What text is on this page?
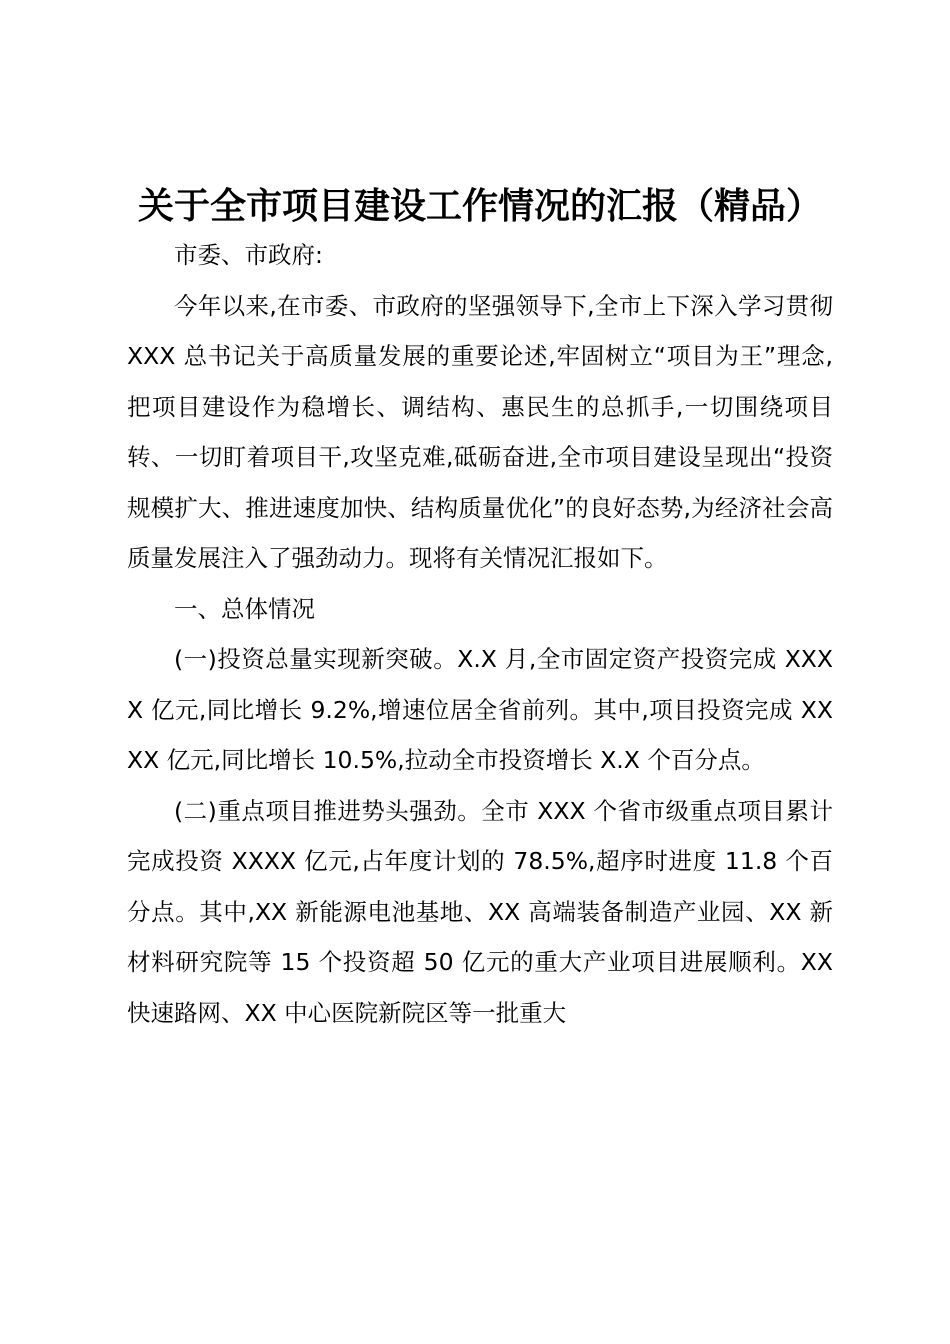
关于全市项目建设工作情况的汇报（精品）

市委、市政府:

今年以来,在市委、市政府的坚强领导下,全市上下深入学习贯彻 XXX 总书记关于高质量发展的重要论述,牢固树立“项目为王”理念,把项目建设作为稳增长、调结构、惠民生的总抓手,一切围绕项目转、一切盯着项目干,攻坚克难,砥砺奋进,全市项目建设呈现出“投资规模扩大、推进速度加快、结构质量优化”的良好态势,为经济社会高质量发展注入了强劲动力。现将有关情况汇报如下。

一、总体情况

(一)投资总量实现新突破。X.X 月,全市固定资产投资完成 XXXX 亿元,同比增长 9.2%,增速位居全省前列。其中,项目投资完成 XXXX 亿元,同比增长 10.5%,拉动全市投资增长 X.X 个百分点。

(二)重点项目推进势头强劲。全市 XXX 个省市级重点项目累计完成投资 XXXX 亿元,占年度计划的 78.5%,超序时进度 11.8 个百分点。其中,XX 新能源电池基地、XX 高端装备制造产业园、XX 新材料研究院等 15 个投资超 50 亿元的重大产业项目进展顺利。XX 快速路网、XX 中心医院新院区等一批重大
